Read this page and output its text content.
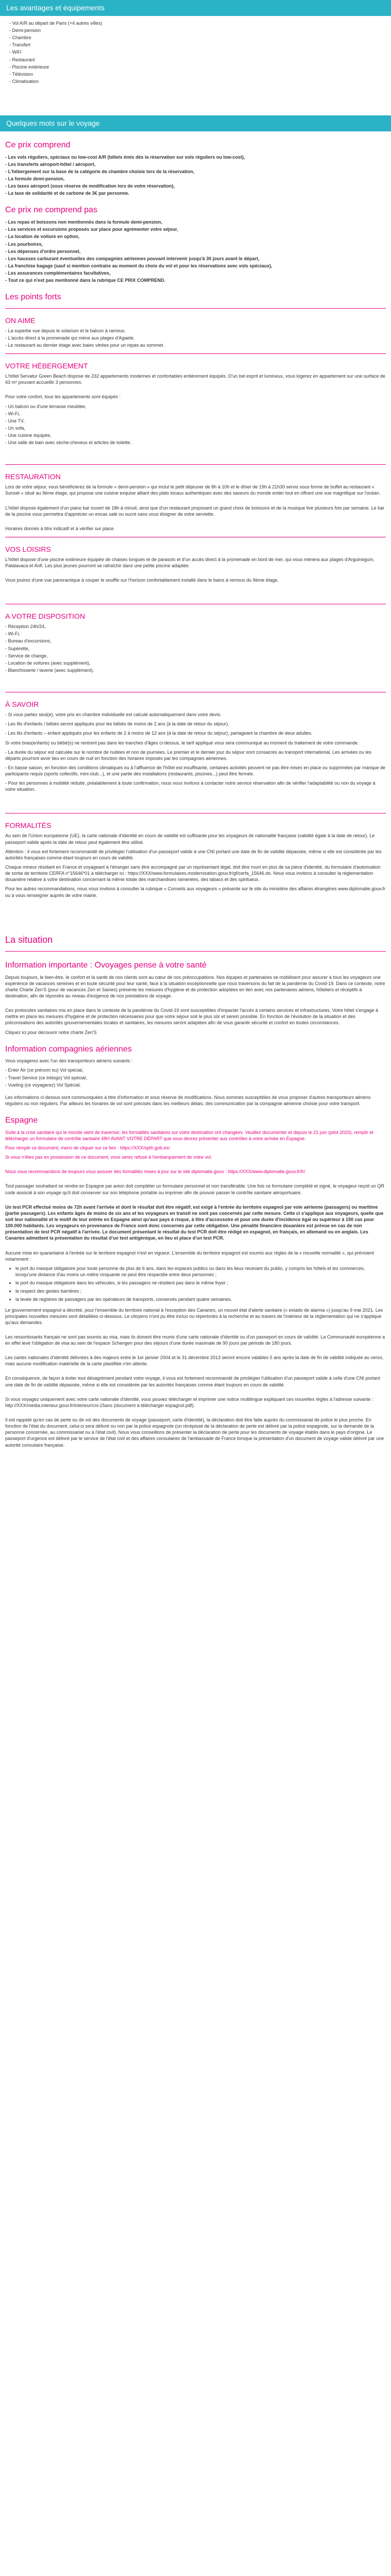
Les avantages et équipements
- Vol A/R au départ de Paris (+4 autres villes)
- Demi-pension
- Chambre
- Transfert
- WiFi
- Restaurant
- Piscine extérieure
- Télévision
- Climatisation
Quelques mots sur le voyage
Ce prix comprend

- Les vols réguliers, spéciaux ou low-cost A/R (billets émis dès la réservation sur vols réguliers ou low-cost),

- Les transferts aéroport-hôtel / aéroport,

- L'hébergement sur la base de la catégorie de chambre choisie lors de la réservation,

- La formule demi-pension,

- Les taxes aéroport (sous réserve de modification lors de votre réservation),

- La taxe de solidarité et de carbone de 3€ par personne.

Ce prix ne comprend pas

- Les repas et boissons non mentionnés dans la formule demi-pension,

- Les services et excursions proposés sur place pour agrémenter votre séjour,

- La location de voiture en option,

- Les pourboires,

- Les dépenses d'ordre personnel,

- Les hausses carburant éventuelles des compagnies aériennes pouvant intervenir jusqu'à 30 jours avant le départ,

- La franchise bagage (sauf si mention contraire au moment du choix du vol et pour les réservations avec vols spéciaux),

- Les assurances complémentaires facultatives,

- Tout ce qui n'est pas mentionné dans la rubrique CE PRIX COMPREND.

Les points forts
ON AIME

- La superbe vue depuis le solarium et le balcon à ramous.

- L'accès direct à la promenade qui mène aux plages d'Agaete.

- Le restaurant au dernier étage avec baies vitrées pour un repas au sommet.

VOTRE HÉBERGEMENT

L'hôtel Servatur Green Beach dispose de 232 appartements modernes et confortables entièrement équipés. D'un bel esprit et lumineux, vous logerez en appartement sur une surface de 43 m² pouvant accueillir 3 personnes.

Pour votre confort, tous les appartements sont équipés :

- Un balcon ou d'une terrasse meublée,

- Wi-Fi,

- Une TV,

- Un sofa,

- Une cuisine équipée,

- Une salle de bain avec sèche-cheveux et articles de toilette.

RESTAURATION

Lors de votre séjour, vous bénéficierez de la formule « demi-pension » qui inclut le petit déjeuner de 8h à 10h et le dîner de 19h à 21h30 servis sous forme de buffet au restaurant « Sunset » situé au 9ème étage, qui propose une cuisine exquise alliant des plats locaux authentiques avec des saveurs du monde entier tout en offrant une vue magnifique sur l'océan.

L'hôtel dispose également d'un piano bar ouvert de 18h à minuit, ainsi que d'un restaurant proposant un grand choix de boissons et de la musique live plusieurs fois par semaine. Le bar de la piscine vous permettra d'apprécier un encas salé ou sucré sans vous éloigner de votre serviette.

Horaires donnés à titre indicatif et à vérifier sur place.

VOS LOISIRS

L'hôtel dispose d'une piscine extérieure équipée de chaises longues et de parasols et d'un accès direct à la promenade en bord de mer, qui vous mènera aux plages d'Arguineguín, Patalavaca et Anfi. Les plus jeunes pourront se rafraîchir dans une petite piscine adaptée.

Vous jouirez d'une vue panoramique à couper le souffle sur l'horizon confortablement installé dans le bains à remous du 9ème étage.

A VOTRE DISPOSITION

- Réception 24h/24,

- Wi-Fi,

- Bureau d'excursions,

- Supérette,

- Service de change,

- Location de voitures (avec supplément),

- Blanchisserie / laverie (avec supplément).

À SAVOIR

- Si vous partez seul(e), votre prix en chambre individuelle est calculé automatiquement dans votre devis.

- Les lits d'enfants / bébés seront appliqués pour les bébés de moins de 2 ans (à la date de retour du séjour).

- Les lits d'enfants – enfant appliqués pour les enfants de 2 à moins de 12 ans (à la date de retour du séjour), partageant la chambre de deux adultes.

Si votre bras(enfants) ou bébé(s) ne rentrent pas dans les tranches d'âges ci-dessus, le tarif appliqué vous sera communiqué au moment du traitement de votre commande.

- La durée du séjour est calculée sur le nombre de nuitées et non de journées. Le premier et le dernier jour du séjour sont consacrés au transport international. Les arrivées ou les départs pourront avoir lieu en cours de nuit en fonction des horaires imposés par les compagnies aériennes.

- En basse saison, en fonction des conditions climatiques ou à l'affluence de l'hôtel est insuffisante, certaines activités peuvent ne pas être mises en place ou supprimées par manque de participants requis (sports collectifs, mini-club...), et une partie des installations (restaurants, piscines...) peut être fermée.

- Pour les personnes à mobilité réduite, préalablement à toute confirmation, nous vous invitons à contacter notre service réservation afin de vérifier l'adaptabilité ou non du voyage à votre situation.

FORMALITÉS

Au sein de l'Union européenne (UE), la carte nationale d'identité en cours de validité est suffisante pour les voyageurs de nationalité française (validité égale à la date de retour). Le passeport valide après la date de retour peut également être utilisé.

Attention : il vous est fortement recommandé de privilégier l'utilisation d'un passeport valide à une CNI portant une date de fin de validité dépassée, même si elle est considérée par les autorités françaises comme étant toujours en cours de validité.

Chaque mineur résidant en France et voyageant à l'étranger sans être accompagné par un représentant légal, doit être muni en plus de sa pièce d'identité, du formulaire d'autorisation de sortie de territoire CERFA n°15646*01 à télécharger ici : https://XXX/www.formulaires.modernisation.gouv.fr/gf/cerfa_15646.do. Nous vous invitons à consulter la réglementation douanière relative à votre destination concernant la même totale des marchandises ramenées, des tabacs et des spiritueux.

Pour les autres recommandations, nous vous invitons à consulter la rubrique « Conseils aux voyageurs » présente sur le site du ministère des affaires étrangères www.diplomatie.gouv.fr ou à vous renseigner auprès de votre mairie.

La situation
Information importante : Ovoyages pense à votre santé

Depuis toujours, le bien-être, le confort et la santé de nos clients sont au cœur de nos préoccupations. Nos équipes et partenaires se mobilisent pour assurer à tous les voyageurs une expérience de vacances sereines et en toute sécurité pour leur santé, face à la situation exceptionnelle que nous traversons du fait de la pandémie du Covid-19. Dans ce contexte, notre charte Charte Zen'S (pour de vacances Zen et Saines) présente les mesures d'hygiène et de protection adoptées en lien avec nos partenaires aériens, hôteliers et réceptifs à destination, afin de répondre au niveau d'exigence de nos prestations de voyage.

Ces protocoles sanitaires mis en place dans le contexte de la pandémie du Covid-19 sont susceptibles d'impacter l'accès à certains services et infrastructures. Votre hôtel s'engage à mettre en place les mesures d'hygiène et de protection nécessaires pour que votre séjour soit le plus sûr et serein possible. En fonction de l'évolution de la situation et des préconisations des autorités gouvernementales locales et sanitaires, les mesures seront adaptées afin de vous garantir sécurité et confort en toutes circonstances.

Cliquez ici pour découvrir notre charte Zen'S

Information compagnies aériennes

Vous voyagerez avec l'un des transporteurs aériens suivants :

- Enter Air (ce prénom ou) Vol spécial,

- Travel Service (ce trélogo) Vol spécial,

- Vueling (ce voyagerez) Vol Spécial.

Les informations ci-dessus sont communiquées à titre d'information et sous réserve de modifications. Nous sommes susceptibles de vous proposer d'autres transporteurs aériens réguliers ou non réguliers. Par ailleurs les horaires de vol sont précisés dans les meilleurs délais, dès communication par la compagnie aérienne choisie pour votre transport.

Espagne

Suite à la crise sanitaire qui le monde vient de traverser, les formalités sanitaires sur votre destination ont changées. Veuillez documenter et depuis le 21 juin (pilot 2020), remplir et télécharger un formulaire de contrôle sanitaire 48H AVANT VOTRE DÉPART que vous devrez présenter aux contrôles à votre arrivée en Espagne.

Pour remplir ce document, merci de cliquer sur ce lien : https://XXX/spth.gob.es/

Si vous n'êtes pas en possession de ce document, vous serez refusé à l'embarquement de votre vol.

Nous vous recommandons de toujours vous assurer des formalités mises à jour sur le site diplomatie.gouv : https://XXX/www.diplomatie.gouv.fr/fr/

Tout passager souhaitant se rendre en Espagne par avion doit compléter un formulaire personnel et non transférable. Une fois ce formulaire complété et signé, le voyageur reçoit un QR code associé à son voyage qu'il doit conserver sur son téléphone portable ou imprimer afin de pouvoir passer le contrôle sanitaire aéroportuaire.

Un test PCR effectué moins de 72h avant l'arrivée et dont le résultat doit être négatif, est exigé à l'entrée du territoire espagnol par voie aérienne (passagers) ou maritime (partie passagers). Les enfants âgés de moins de six ans et les voyageurs en transit ne sont pas concernés par cette mesure. Cette ci s'applique aux voyageurs, quelle que soit leur nationalité et le motif de leur entrée en Espagne ainsi qu'aux pays à risque, à titre d'accessoire et pour une durée d'incidence égal ou supérieur à 150 cas pour 100.000 habitants. Les voyageurs en provenance de France sont donc concernés par cette obligation. Une pénalité financière douanière est prévue en cas de non présentation de test PCR négatif à l'arrivée. Le document présentant le résultat du test PCR doit être rédigé en espagnol, en français, en allemand ou en anglais. Les Canaries admettent la présentation du résultat d'un test antigénique, en lieu et place d'un test PCR.

Aucune mise en quarantaine à l'entrée sur le territoire espagnol n'est en vigueur. L'ensemble du territoire espagnol est soumis aux règles de la « nouvelle normalité », qui prévoient notamment :

• le port du masque obligatoire pour toute personne de plus de 6 ans, dans les espaces publics ou dans les lieux recevant du public, y compris les hôtels et les commerces, lorsqu'une distance d'au moins un mètre cinquante ne peut être respectée entre deux personnes ;
• le port du masque obligatoire dans les véhicules, si les passagers ne résident pas dans le même foyer ;
• le respect des gestes barrières ;
• la levée de registres de passagers par les opérateurs de transports, conservés pendant quatre semaines.

Le gouvernement espagnol a décrété, pour l'ensemble du territoire national à l'exception des Canaries, un nouvel état d'alerte sanitaire (« estado de alarma ») jusqu'au 9 mai 2021. Les principales nouvelles mesures sont détaillées ci-dessous. Le citoyens n'ont pu être inclus ou répertoriés à la recherche et au travers de l'intérieur de la réglementation qui ne s'applique qu'aux demandes.

Les ressortissants français ne sont pas soumis au visa, mais ils doivent être munis d'une carte nationale d'identité ou d'un passeport en cours de validité. La Communauté européenne a en effet levé l'obligation de visa au sein de l'espace Schengen pour des séjours d'une durée maximale de 90 jours par période de 180 jours.

Les cartes nationales d'identité délivrées à des majeurs entre le 1er janvier 2004 et le 31 décembre 2013 seront encore valables 5 ans après la date de fin de validité indiquée au verso, mais aucune modification matérielle de la carte plastifiée n'en atteste.

En conséquence, de façon à éviter tout désagrément pendant votre voyage, il vous est fortement recommandé de privilégier l'utilisation d'un passeport valide à celle d'une CNI portant une date de fin de validité dépassée, même si elle est considérée par les autorités françaises comme étant toujours en cours de validité.

Si vous voyagez uniquement avec votre carte nationale d'identité, vous pouvez télécharger et imprimer une notice multilingue expliquant ces nouvelles règles à l'adresse suivante : http://XXX/media.interieur.gouv.fr/interieur/cni-15ans (document à télécharger espagnol.pdf).

Il est rappelé qu'en cas de perte ou de vol des documents de voyage (passeport, carte d'identité), la déclaration doit être faite auprès du commissariat de police le plus proche. En fonction de l'état du document, celui-ci sera délivré ou non par la police espagnole (un récépissé de la déclaration de perte est délivré par la police espagnole, sur la demande de la personne concernée, au commissariat ou à l'état civil). Nous vous conseillons de présenter la déclaration de perte pour les documents de voyage établis dans le pays d'origine. Le passeport d'urgence est délivré par le service de l'état civil et des affaires consulaires de l'ambassade de France lorsque la présentation d'un document de voyage valide délivré par une autorité consulaire française.
